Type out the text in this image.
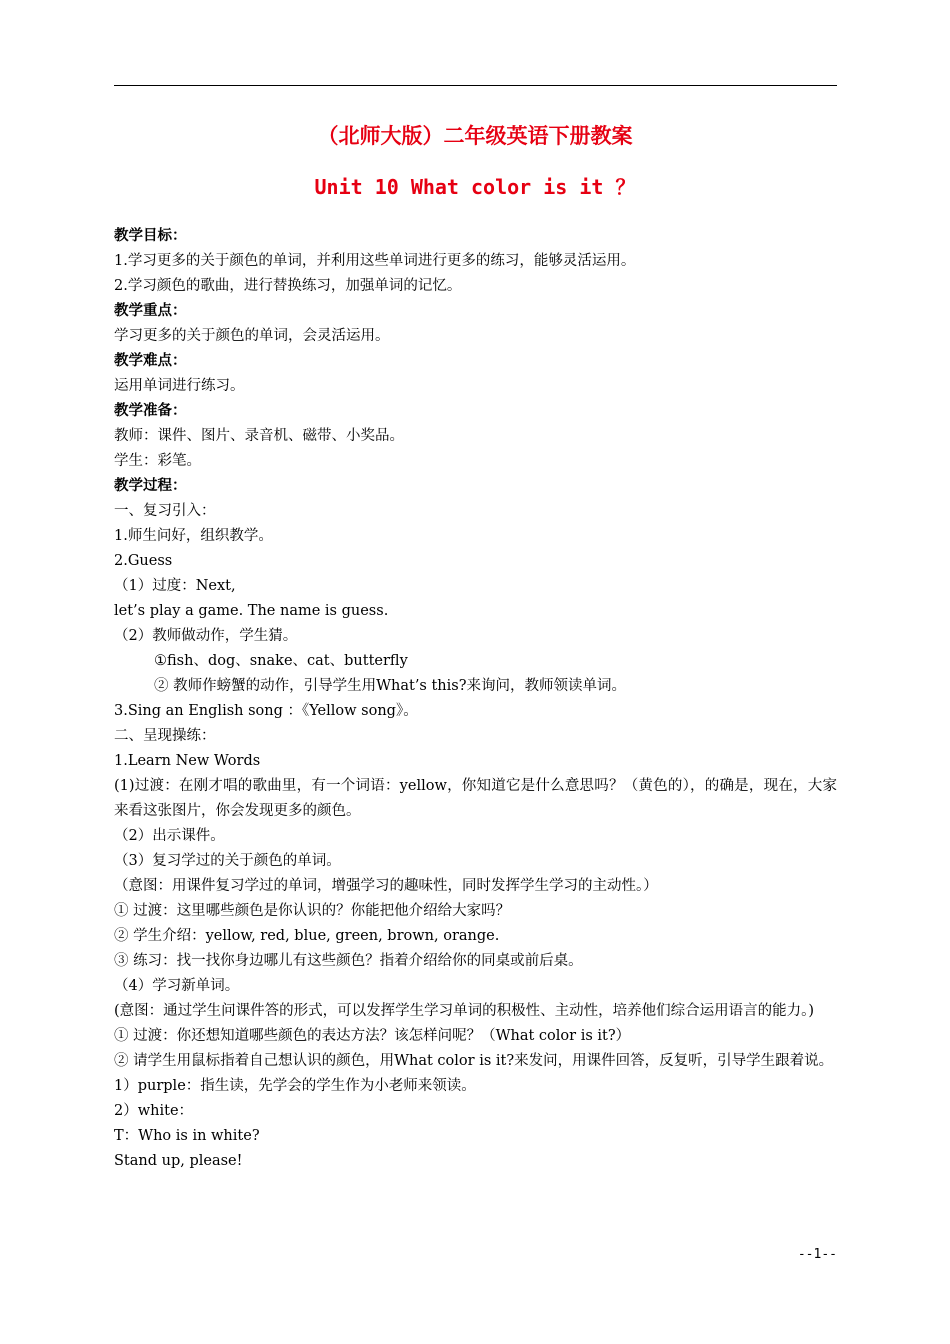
（北师大版）二年级英语下册教案
Unit 10 What color is it ？

教学目标：

1.学习更多的关于颜色的单词，并利用这些单词进行更多的练习，能够灵活运用。

2.学习颜色的歌曲，进行替换练习，加强单词的记忆。

教学重点：

学习更多的关于颜色的单词，会灵活运用。

教学难点：

运用单词进行练习。

教学准备：

教师：课件、图片、录音机、磁带、小奖品。

学生：彩笔。

教学过程：

一、复习引入：

1.师生问好，组织教学。

2.Guess

（1）过度：Next,

let’s play a game. The name is guess.

（2）教师做动作，学生猜。

①fish、dog、snake、cat、butterfly

② 教师作螃蟹的动作，引导学生用What’s this?来询问，教师领读单词。

3.Sing an English song ：《Yellow song》。

二、呈现操练：

1.Learn New Words

(1)过渡：在刚才唱的歌曲里，有一个词语：yellow，你知道它是什么意思吗？（黄色的），的确是，现在，大家来看这张图片，你会发现更多的颜色。

（2）出示课件。

（3）复习学过的关于颜色的单词。

（意图：用课件复习学过的单词，增强学习的趣味性，同时发挥学生学习的主动性。）

① 过渡：这里哪些颜色是你认识的？你能把他介绍给大家吗？

② 学生介绍：yellow, red, blue, green, brown, orange.

③ 练习：找一找你身边哪儿有这些颜色？指着介绍给你的同桌或前后桌。

（4）学习新单词。

(意图：通过学生问课件答的形式，可以发挥学生学习单词的积极性、主动性，培养他们综合运用语言的能力。)

① 过渡：你还想知道哪些颜色的表达方法？该怎样问呢？（What color is it?）

② 请学生用鼠标指着自己想认识的颜色，用What color is it?来发问，用课件回答，反复听，引导学生跟着说。

1）purple：指生读，先学会的学生作为小老师来领读。

2）white：

T：Who is in white?

Stand up, please!

--1--
